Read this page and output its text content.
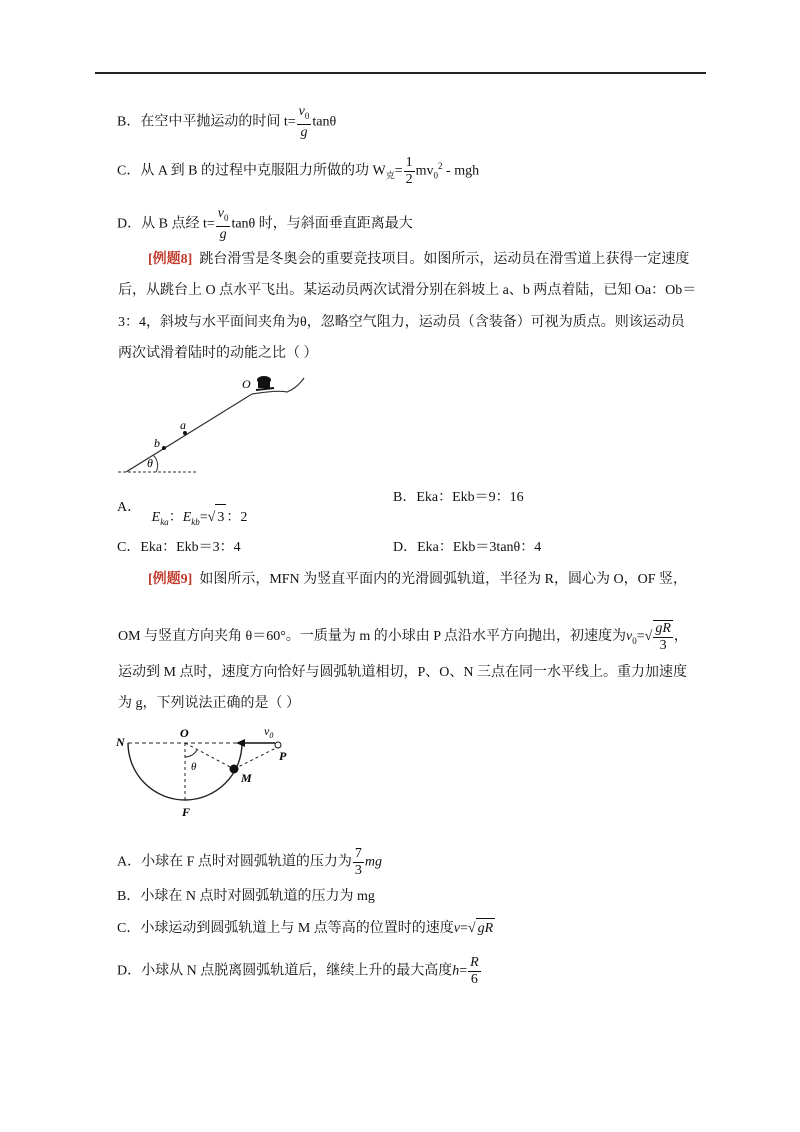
B．在空中平抛运动的时间 $t= \frac{v_0}{g}$ tanθ
C．从 A 到 B 的过程中克服阻力所做的功 $W_克= \frac{1}{2} mv_0^2$ - mgh
D．从 B 点经 $t= \frac{v_0}{g}$ tanθ 时，与斜面垂直距离最大
[例题8] 跳台滑雪是冬奥会的重要竞技项目。如图所示，运动员在滑雪道上获得一定速度
后，从跳台上 O 点水平飞出。某运动员两次试滑分别在斜坡上 a、b 两点着陆，已知 Oa：Ob＝
3：4，斜坡与水平面间夹角为θ，忽略空气阻力，运动员（含装备）可视为质点。则该运动员
两次试滑着陆时的动能之比（ ）
O
a
b
θ
A．   $E_{ka}$：$E_{kb}=√$ 3 ：2
B．Eka：Ekb＝9：16
C．Eka：Ekb＝3：4	D．Eka：Ekb＝3tanθ：4
[例题9] 如图所示，MFN 为竖直平面内的光滑圆弧轨道，半径为 R，圆心为 O，OF 竖，
OM 与竖直方向夹角 θ＝60°。一质量为 m 的小球由 P 点沿水平方向抛出，初速度为$v_0=√ \frac{gR}{3}$ ，
运动到 M 点时，速度方向恰好与圆弧轨道相切，P、O、N 三点在同一水平线上。重力加速度
为 g，下列说法正确的是（ ）
N
O
P
M
F
θ
$v_0$
A．小球在 F 点时对圆弧轨道的压力为 $\frac{7}{3}$ mg
B．小球在 N 点时对圆弧轨道的压力为 mg
C．小球运动到圆弧轨道上与 M 点等高的位置时的速度v=√ gR
D．小球从 N 点脱离圆弧轨道后，继续上升的最大高度$h= \frac{R}{6}$
